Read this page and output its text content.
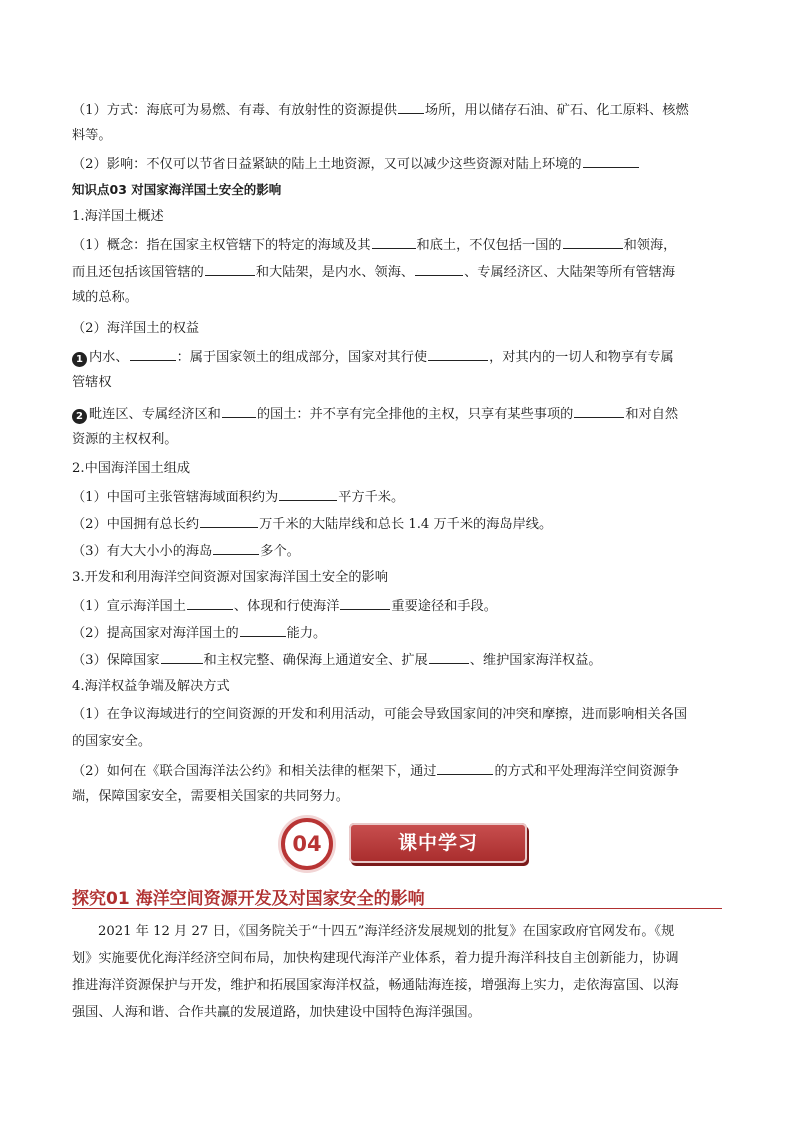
（1）方式：海底可为易燃、有毒、有放射性的资源提供 场所，用以储存石油、矿石、化工原料、核燃
料等。
（2）影响：不仅可以节省日益紧缺的陆上土地资源，又可以减少这些资源对陆上环境的
知识点03 对国家海洋国土安全的影响
1.海洋国土概述
（1）概念：指在国家主权管辖下的特定的海域及其	和底土，不仅包括一国的	和领海，
而且还包括该国管辖的	和大陆架，是内水、领海、	、专属经济区、大陆架等所有管辖海
域的总称。
（2）海洋国土的权益
1 内水、	：属于国家领土的组成部分，国家对其行使	，对其内的一切人和物享有专属
管辖权
2 毗连区、专属经济区和	的国土：并不享有完全排他的主权，只享有某些事项的	和对自然
资源的主权权利。
2.中国海洋国土组成
（1）中国可主张管辖海域面积约为	平方千米。
（2）中国拥有总长约	万千米的大陆岸线和总长 1.4 万千米的海岛岸线。
（3）有大大小小的海岛	多个。
3.开发和利用海洋空间资源对国家海洋国土安全的影响
（1）宣示海洋国土	、体现和行使海洋	重要途径和手段。
（2）提高国家对海洋国土的	能力。
（3）保障国家	和主权完整、确保海上通道安全、扩展	、维护国家海洋权益。
4.海洋权益争端及解决方式
（1）在争议海域进行的空间资源的开发和利用活动，可能会导致国家间的冲突和摩擦，进而影响相关各国
的国家安全。
（2）如何在《联合国海洋法公约》和相关法律的框架下，通过	的方式和平处理海洋空间资源争
端，保障国家安全，需要相关国家的共同努力。
课中学习
04
探究01 海洋空间资源开发及对国家安全的影响
2021 年 12 月 27 日，《国务院关于“十四五”海洋经济发展规划的批复》在国家政府官网发布。《规
划》实施要优化海洋经济空间布局，加快构建现代海洋产业体系，着力提升海洋科技自主创新能力，协调
推进海洋资源保护与开发，维护和拓展国家海洋权益，畅通陆海连接，增强海上实力，走依海富国、以海
强国、人海和谐、合作共赢的发展道路，加快建设中国特色海洋强国。
